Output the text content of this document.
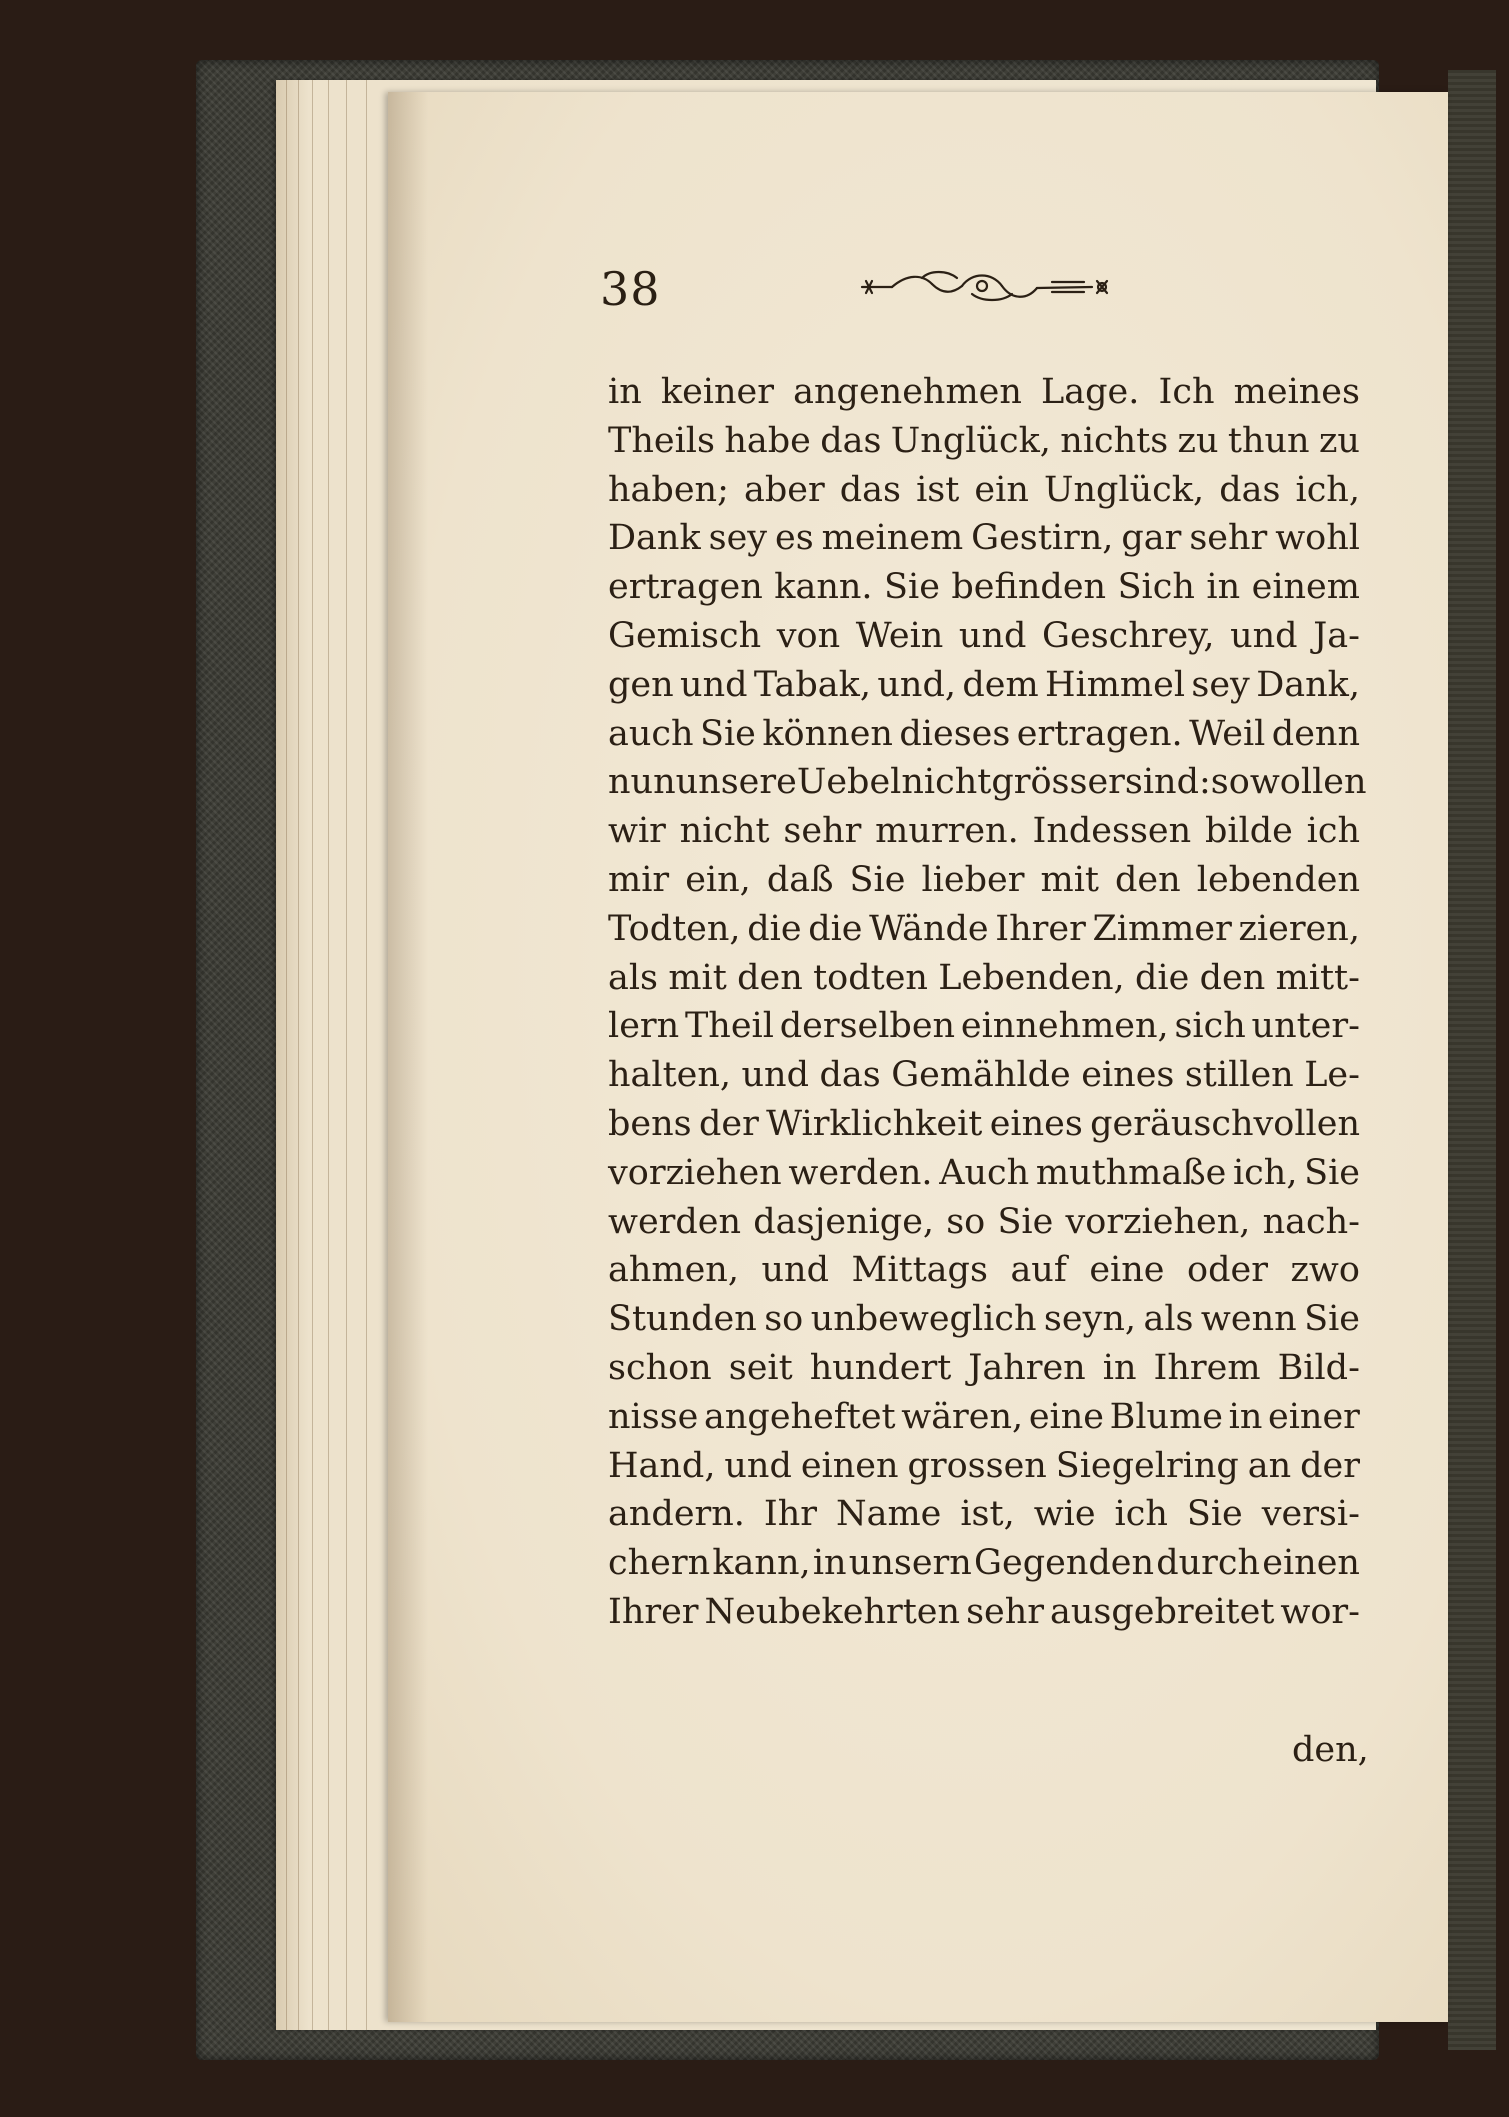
38
in keiner angenehmen Lage. Ich meines
Theils habe das Unglück, nichts zu thun zu
haben; aber das ist ein Unglück, das ich,
Dank sey es meinem Gestirn, gar sehr wohl
ertragen kann. Sie befinden Sich in einem
Gemisch von Wein und Geschrey, und Ja-
gen und Tabak, und, dem Himmel sey Dank,
auch Sie können dieses ertragen. Weil denn
nun unsere Uebel nicht grösser sind: so wollen
wir nicht sehr murren. Indessen bilde ich
mir ein, daß Sie lieber mit den lebenden
Todten, die die Wände Ihrer Zimmer zieren,
als mit den todten Lebenden, die den mitt-
lern Theil derselben einnehmen, sich unter-
halten, und das Gemählde eines stillen Le-
bens der Wirklichkeit eines geräuschvollen
vorziehen werden. Auch muthmaße ich, Sie
werden dasjenige, so Sie vorziehen, nach-
ahmen, und Mittags auf eine oder zwo
Stunden so unbeweglich seyn, als wenn Sie
schon seit hundert Jahren in Ihrem Bild-
nisse angeheftet wären, eine Blume in einer
Hand, und einen grossen Siegelring an der
andern. Ihr Name ist, wie ich Sie versi-
chern kann, in unsern Gegenden durch einen
Ihrer Neubekehrten sehr ausgebreitet wor-
den,
